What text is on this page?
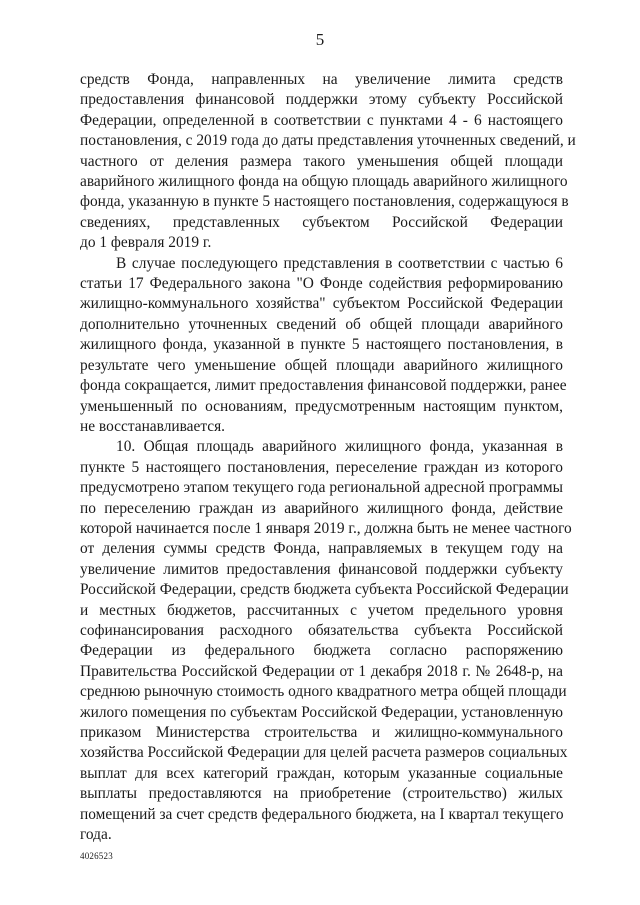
5
средств Фонда, направленных на увеличение лимита средств
предоставления финансовой поддержки этому субъекту Российской
Федерации, определенной в соответствии с пунктами 4 - 6 настоящего
постановления, с 2019 года до даты представления уточненных сведений, и
частного от деления размера такого уменьшения общей площади
аварийного жилищного фонда на общую площадь аварийного жилищного
фонда, указанную в пункте 5 настоящего постановления, содержащуюся в
сведениях, представленных субъектом Российской Федерации
до 1 февраля 2019 г.
В случае последующего представления в соответствии с частью 6
статьи 17 Федерального закона "О Фонде содействия реформированию
жилищно-коммунального хозяйства" субъектом Российской Федерации
дополнительно уточненных сведений об общей площади аварийного
жилищного фонда, указанной в пункте 5 настоящего постановления, в
результате чего уменьшение общей площади аварийного жилищного
фонда сокращается, лимит предоставления финансовой поддержки, ранее
уменьшенный по основаниям, предусмотренным настоящим пунктом,
не восстанавливается.
10. Общая площадь аварийного жилищного фонда, указанная в
пункте 5 настоящего постановления, переселение граждан из которого
предусмотрено этапом текущего года региональной адресной программы
по переселению граждан из аварийного жилищного фонда, действие
которой начинается после 1 января 2019 г., должна быть не менее частного
от деления суммы средств Фонда, направляемых в текущем году на
увеличение лимитов предоставления финансовой поддержки субъекту
Российской Федерации, средств бюджета субъекта Российской Федерации
и местных бюджетов, рассчитанных с учетом предельного уровня
софинансирования расходного обязательства субъекта Российской
Федерации из федерального бюджета согласно распоряжению
Правительства Российской Федерации от 1 декабря 2018 г. № 2648-р, на
среднюю рыночную стоимость одного квадратного метра общей площади
жилого помещения по субъектам Российской Федерации, установленную
приказом Министерства строительства и жилищно-коммунального
хозяйства Российской Федерации для целей расчета размеров социальных
выплат для всех категорий граждан, которым указанные социальные
выплаты предоставляются на приобретение (строительство) жилых
помещений за счет средств федерального бюджета, на I квартал текущего
года.
4026523
